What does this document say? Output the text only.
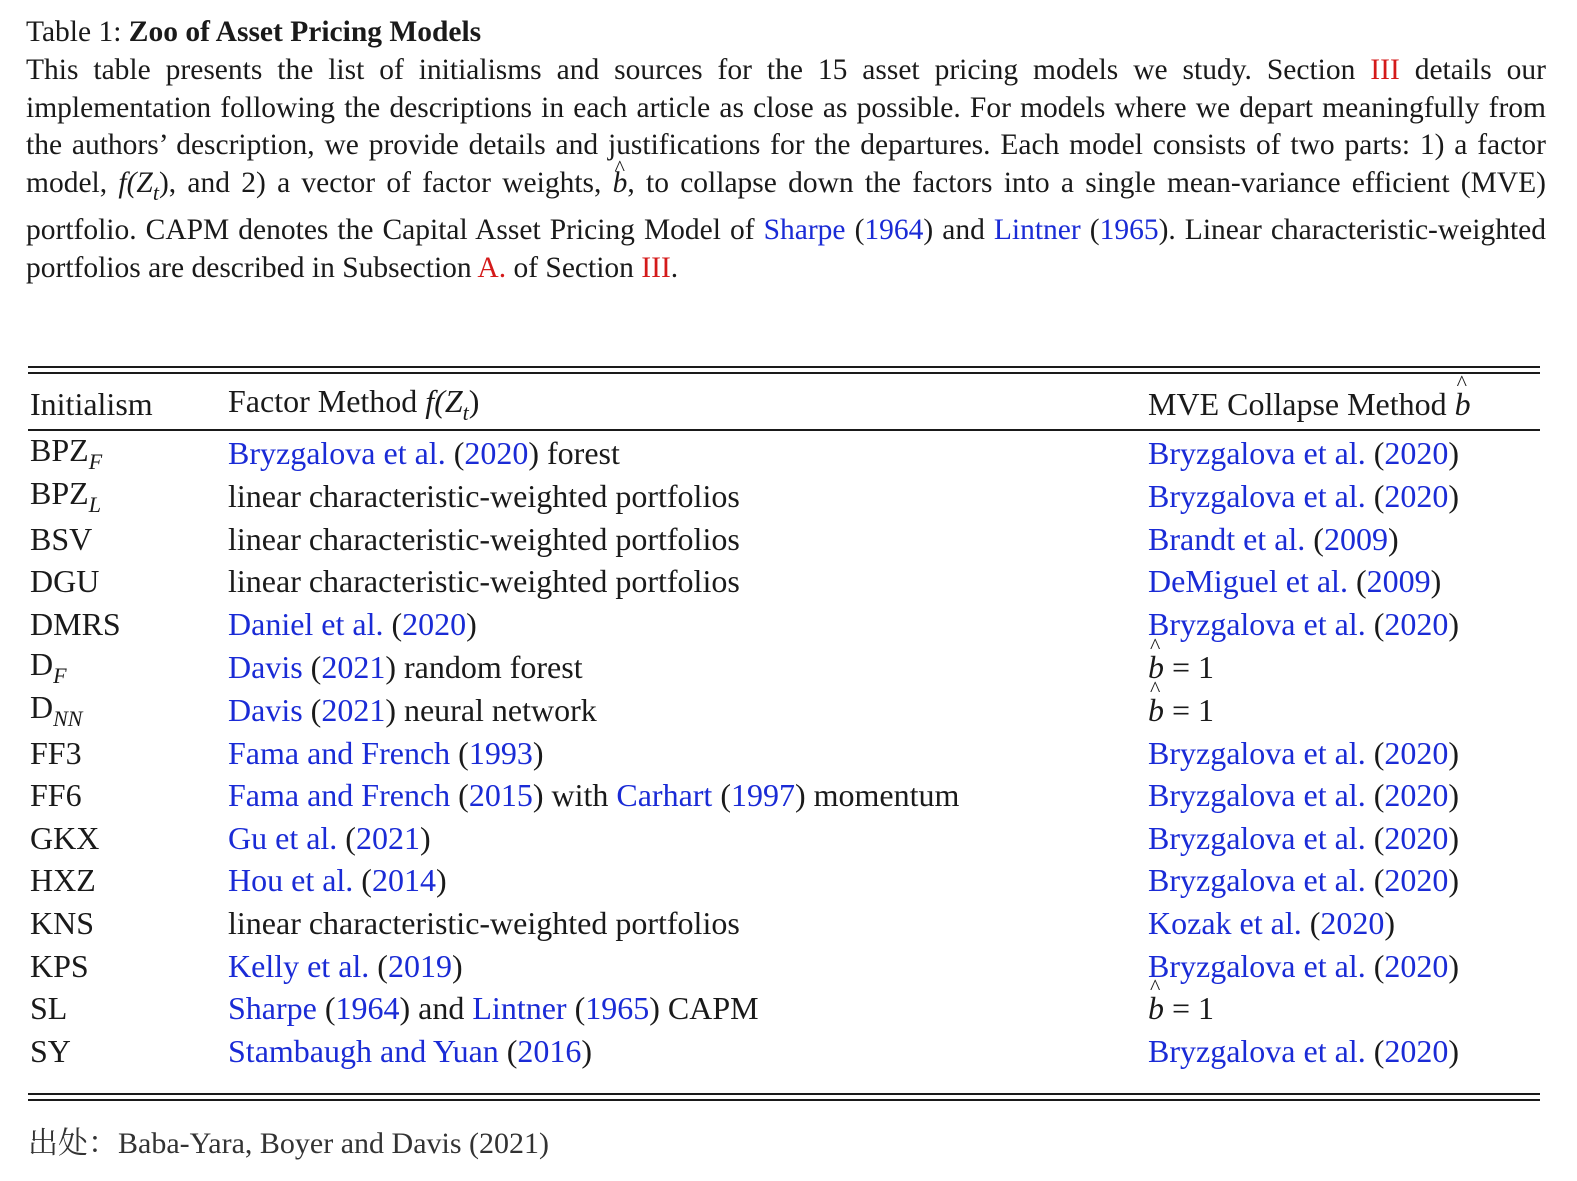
Table 1: Zoo of Asset Pricing Models
This table presents the list of initialisms and sources for the 15 asset pricing models we study. Section III details our implementation following the descriptions in each article as close as possible. For models where we depart meaningfully from the authors’ description, we provide details and justifications for the departures. Each model consists of two parts: 1) a factor model, $f(Z_t)$, and 2) a vector of factor weights, ^ b, to collapse down the factors into a single mean-variance efficient (MVE) portfolio. CAPM denotes the Capital Asset Pricing Model of Sharpe (1964) and Lintner (1965). Linear characteristic-weighted portfolios are described in Subsection A. of Section III.
Initialism	Factor Method $f(Z_t)$	MVE Collapse Method ^ b
$BPZ_F$	Bryzgalova et al. (2020) forest	Bryzgalova et al. (2020)
$BPZ_L$	linear characteristic-weighted portfolios	Bryzgalova et al. (2020)
BSV	linear characteristic-weighted portfolios	Brandt et al. (2009)
DGU	linear characteristic-weighted portfolios	DeMiguel et al. (2009)
DMRS	Daniel et al. (2020)	Bryzgalova et al. (2020)
$D_F$	Davis (2021) random forest	^ b = 1
$D_{NN}$	Davis (2021) neural network	^ b = 1
FF3	Fama and French (1993)	Bryzgalova et al. (2020)
FF6	Fama and French (2015) with Carhart (1997) momentum	Bryzgalova et al. (2020)
GKX	Gu et al. (2021)	Bryzgalova et al. (2020)
HXZ	Hou et al. (2014)	Bryzgalova et al. (2020)
KNS	linear characteristic-weighted portfolios	Kozak et al. (2020)
KPS	Kelly et al. (2019)	Bryzgalova et al. (2020)
SL	Sharpe (1964) and Lintner (1965) CAPM	^ b = 1
SY	Stambaugh and Yuan (2016)	Bryzgalova et al. (2020)
出处：Baba-Yara, Boyer and Davis (2021)
